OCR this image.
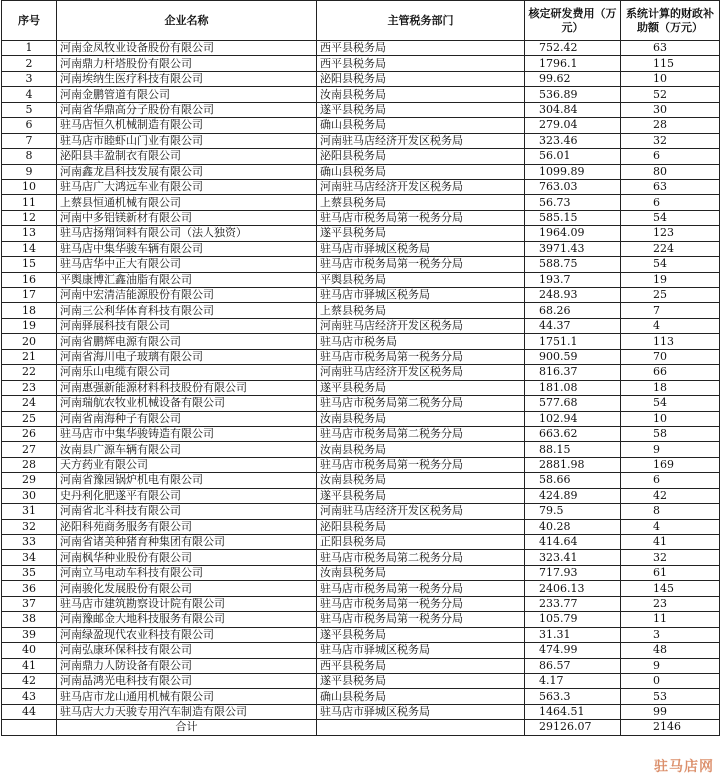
序号	企业名称	主管税务部门	核定研发费用（万元）	系统计算的财政补助额（万元）
1	河南金凤牧业设备股份有限公司	西平县税务局	752.42	63
2	河南鼎力杆塔股份有限公司	西平县税务局	1796.1	115
3	河南埃纳生医疗科技有限公司	泌阳县税务局	99.62	10
4	河南金鹏管道有限公司	汝南县税务局	536.89	52
5	河南省华鼎高分子股份有限公司	遂平县税务局	304.84	30
6	驻马店恒久机械制造有限公司	确山县税务局	279.04	28
7	驻马店市睦虾山门业有限公司	河南驻马店经济开发区税务局	323.46	32
8	泌阳县丰盈制衣有限公司	泌阳县税务局	56.01	6
9	河南鑫龙昌科技发展有限公司	确山县税务局	1099.89	80
10	驻马店广大鸿远车业有限公司	河南驻马店经济开发区税务局	763.03	63
11	上蔡县恒通机械有限公司	上蔡县税务局	56.73	6
12	河南中多铝镁新材有限公司	驻马店市税务局第一税务分局	585.15	54
13	驻马店扬翔饲料有限公司（法人独资）	遂平县税务局	1964.09	123
14	驻马店中集华骏车辆有限公司	驻马店市驿城区税务局	3971.43	224
15	驻马店华中正大有限公司	驻马店市税务局第一税务分局	588.75	54
16	平舆康博汇鑫油脂有限公司	平舆县税务局	193.7	19
17	河南中宏清洁能源股份有限公司	驻马店市驿城区税务局	248.93	25
18	河南三公利华体育科技有限公司	上蔡县税务局	68.26	7
19	河南驿展科技有限公司	河南驻马店经济开发区税务局	44.37	4
20	河南省鹏辉电源有限公司	驻马店市税务局	1751.1	113
21	河南省海川电子玻璃有限公司	驻马店市税务局第一税务分局	900.59	70
22	河南乐山电缆有限公司	河南驻马店经济开发区税务局	816.37	66
23	河南惠强新能源材料科技股份有限公司	遂平县税务局	181.08	18
24	河南瑞航农牧业机械设备有限公司	驻马店市税务局第二税务分局	577.68	54
25	河南省南海种子有限公司	汝南县税务局	102.94	10
26	驻马店市中集华骏铸造有限公司	驻马店市税务局第二税务分局	663.62	58
27	汝南县广源车辆有限公司	汝南县税务局	88.15	9
28	天方药业有限公司	驻马店市税务局第一税务分局	2881.98	169
29	河南省豫园锅炉机电有限公司	汝南县税务局	58.66	6
30	史丹利化肥遂平有限公司	遂平县税务局	424.89	42
31	河南省北斗科技有限公司	河南驻马店经济开发区税务局	79.5	8
32	泌阳科苑商务服务有限公司	泌阳县税务局	40.28	4
33	河南省诸美种猪育种集团有限公司	正阳县税务局	414.64	41
34	河南枫华种业股份有限公司	驻马店市税务局第二税务分局	323.41	32
35	河南立马电动车科技有限公司	汝南县税务局	717.93	61
36	河南骏化发展股份有限公司	驻马店市税务局第一税务分局	2406.13	145
37	驻马店市建筑勘察设计院有限公司	驻马店市税务局第一税务分局	233.77	23
38	河南豫邮金大地科技服务有限公司	驻马店市税务局第一税务分局	105.79	11
39	河南绿盈现代农业科技有限公司	遂平县税务局	31.31	3
40	河南弘康环保科技有限公司	驻马店市驿城区税务局	474.99	48
41	河南鼎力人防设备有限公司	西平县税务局	86.57	9
42	河南晶鸿光电科技有限公司	遂平县税务局	4.17	0
43	驻马店市龙山通用机械有限公司	确山县税务局	563.3	53
44	驻马店大力天骏专用汽车制造有限公司	驻马店市驿城区税务局	1464.51	99
	合计		29126.07	2146
驻马店网
